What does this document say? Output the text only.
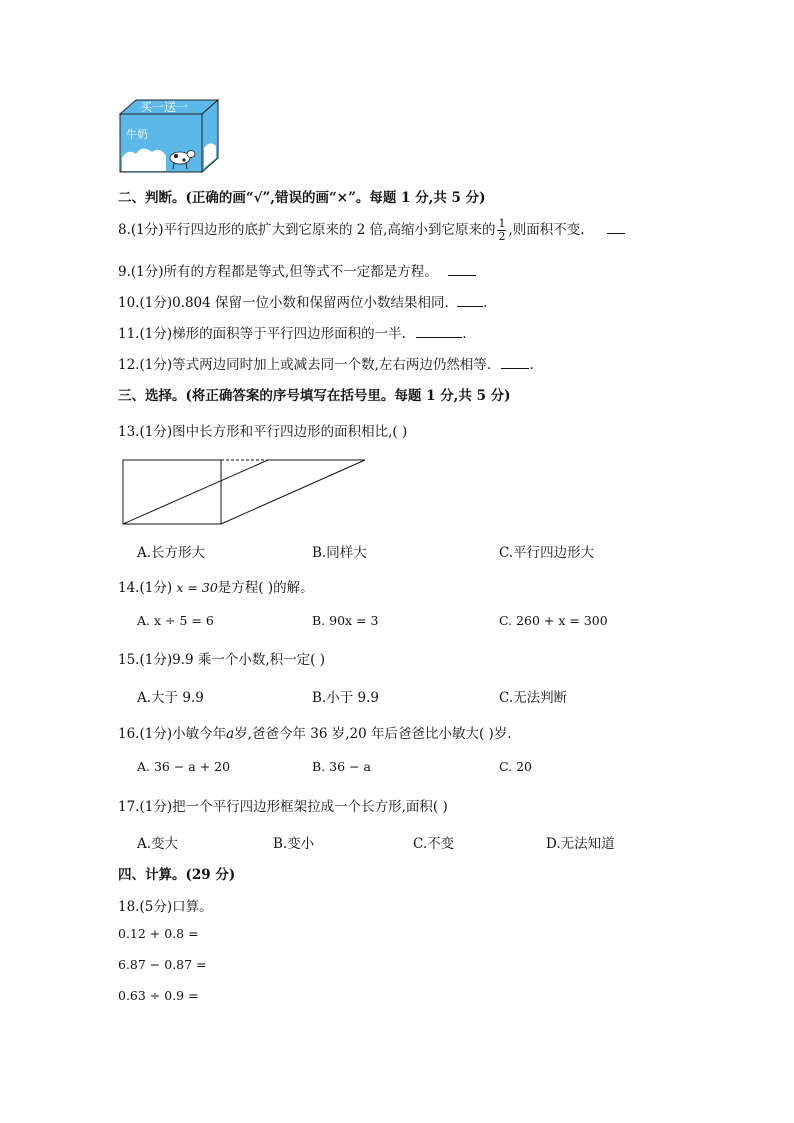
买一送一
牛奶
二、判断。(正确的画“√”,错误的画“×”。每题 1 分,共 5 分)
8.(1分)平行四边形的底扩大到它原来的 2 倍,高缩小到它原来的 $\frac{1}{2}$ ,则面积不变.
9.(1分)所有的方程都是等式,但等式不一定都是方程。
10.(1分)0.804 保留一位小数和保留两位小数结果相同.	.
11.(1分)梯形的面积等于平行四边形面积的一半.	.
12.(1分)等式两边同时加上或减去同一个数,左右两边仍然相等.	.
三、选择。(将正确答案的序号填写在括号里。每题 1 分,共 5 分)
13.(1分)图中长方形和平行四边形的面积相比,( )
A.长方形大	B.同样大	C.平行四边形大
14.(1分) x = 30是方程( )的解。
A. x ÷ 5 = 6	B. 90x = 3	C. 260 + x = 300
15.(1分)9.9 乘一个小数,积一定( )
A.大于 9.9	B.小于 9.9	C.无法判断
16.(1分)小敏今年a岁,爸爸今年 36 岁,20 年后爸爸比小敏大( )岁.
A. 36 − a + 20	B. 36 − a	C. 20
17.(1分)把一个平行四边形框架拉成一个长方形,面积( )
A.变大	B.变小	C.不变	D.无法知道
四、计算。(29 分)
18.(5分)口算。
0.12 + 0.8 =
6.87 − 0.87 =
0.63 ÷ 0.9 =
